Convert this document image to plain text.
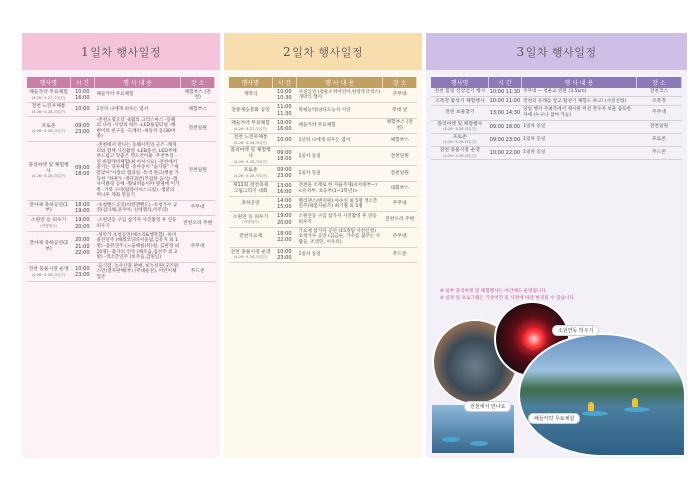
1 일차 행사일정
행사명	시 간	행 사 내 용	장 소
패들카약 무료체험
(4.26~4.27 /2일간)	10:00 16:00	패들카약 무료체험	체험부스 (전천)
전천 느린우체통
(4.26~4.28 /3일간)	10:00	1년뒤 나에게 띄우는 엽서	체험부스
포토존
(4.26~4.28 /3일간)	09:00 23:00	-전천노랑오리 -4월의 크리스마스 -동해의 나라 -사랑의 하트 -LED튤립터널 -해변이의 친구들 -도깨비 -새둥지 등(30여종)	전천일원
플리마켓 및 체험행사
(4.26~4.28 /3일간)	09:00 18:00	-전천에서 만나는 동해시민의 굿즈 -캐릭터와 함께 사진촬영 -LED풍선, LED부케 부드럽고 맛좋은 떡도건어물 -주전부리 -연 바람개비체험(최 아서시요) -전천에서 즐기는 딩투체험 -송아송이 "솜사탕" -"새봄맞이"사랑의 캡과일 -특색 원고(햇살 가득한 "하권") -생다과전(푸짐한 음식) -캡사이클링 공예 -향내려놓이야 옆옆에 이거 쪽 -거북 구미(탐라이어스크림) -생분의 머니투 계좌 만들기	전천일원
전야제 축하공연(1부)	18:00 19:00	-초청밴드공연(비엔앤밴드) -초청가수 공연(김나해,윤수아, 신데렐라,이주리)	주무대
소원연 등 띄우기
(야행행사)	19:00 20:00	-소원연등 구입 참가자 사진촬영 후 연등 띄우기	전천오리 주변
전야제 축하공연(2부)	20:00 21:00 22:00	-성악가 초청공연(예소리&행복합) -바이올린연주 (해레코딩바이올림,김유지 외 1명) -올뮤연주 (노을해룸(뮤)청, 김판정 외 10명) -불가의 연주 (해조음,김선주 외 3명) -색소폰연주 (비주음,김원님)	주무대
전천 풍물시장 운영
(4.26~4.28 /3일간)	10:00 23:00	-음식점, 농수산물 판매, 비누선판(굿즈판스만)캘자판매(부) (무대운전), 어린이체험존	푸드존
2 일차 행사일정
행사명	시 간	행 사 내 용	장 소
개막식	10:00 10:30	사전공연 (청운소치어린이,한앙주더색스) 개막식 행사	주무대
전통계승문화 공연	11:00 11:30	북평농악(낭다도농사 시연	무대 앞
패들카약 무료체험
(4.26~4.27 /2일간)	10:00 16:00	패들카약 무료체험	체험부스 (전천)
전천 느린우체통
(4.26~4.28 /3일간)	10:00	1년뒤 나에게 띄우는 엽서	체험부스
플리마켓 및 체험행사
(4.26~4.28 /3일간)	09:00 18:00	1일차 동일	전천일원
포토존
(4.26~4.28 /3일간)	09:00 23:00	1일차 동일	전천일원
제11회 전천축제 그림그리기 대회	13:00 16:00	전천을 소재로 한 자율주제(유치원부~) <유치부, 초등부(1~3학년)>	대회부스
축하공연	14:00 15:00	벨리댄스(변지원) 아수연 외 5명 색소폰 연주(새봄사운즈) 최기철 외 5명	주무대
소원연 등 띄우기
(야행행사)	19:00 20:00	소원연등 구입 참가자 사진촬영 후 연등 띄우기	전천오리 주변
전천가요제	18:00 22:00	가요제 참가자 공연 (15개팀 사전신청) 초청가수 공연 (김금순, 가수를 꿈꾸는 사람들, 조영민, 이우리)	주무대
전천 풍물시장 운영
(4.26~4.28 /3일간)	10:00 23:00	1일차 동일	푸드존
3 일차 행사일정
행사명	시 간	행 사 내 용	장 소
전천 힐링 건강걷기 행사	10:00 11:30	주무대 ~ 청운교 반환 (3.5km)	전천코스
조폭정 활성기 체험행사	10:00 11:00	전천의 유래를 알고 활성기 체험도 하고! (사전신청)	조폭정
전천 보물찾기	13:00 14:30	당일 행사 주최측에서 제시한 미션 완수자 보물 습득한 자에 (누구나 참여 가능)	주무대
플리마켓 및 체험행사
(4.26~4.28 /3일간)	09:00 18:00	1일차 동일	전천일원
포토존
(4.26~4.28 /3일간)	09:00 23:00	1일차 동일	포토존
전천 풍물시장 운영
(4.26~4.28 /3일간)	10:00 22:00	1일차 동일	푸드존
※ 일부 플리마켓 및 체험행사는 야간에도 운영됩니다.
※ 일정 및 프로그램은 기상여건 및 사정에 따라 변경될 수 있습니다.
소원연등 띄우기
전천에서 만나요
패들카약 무료체험
